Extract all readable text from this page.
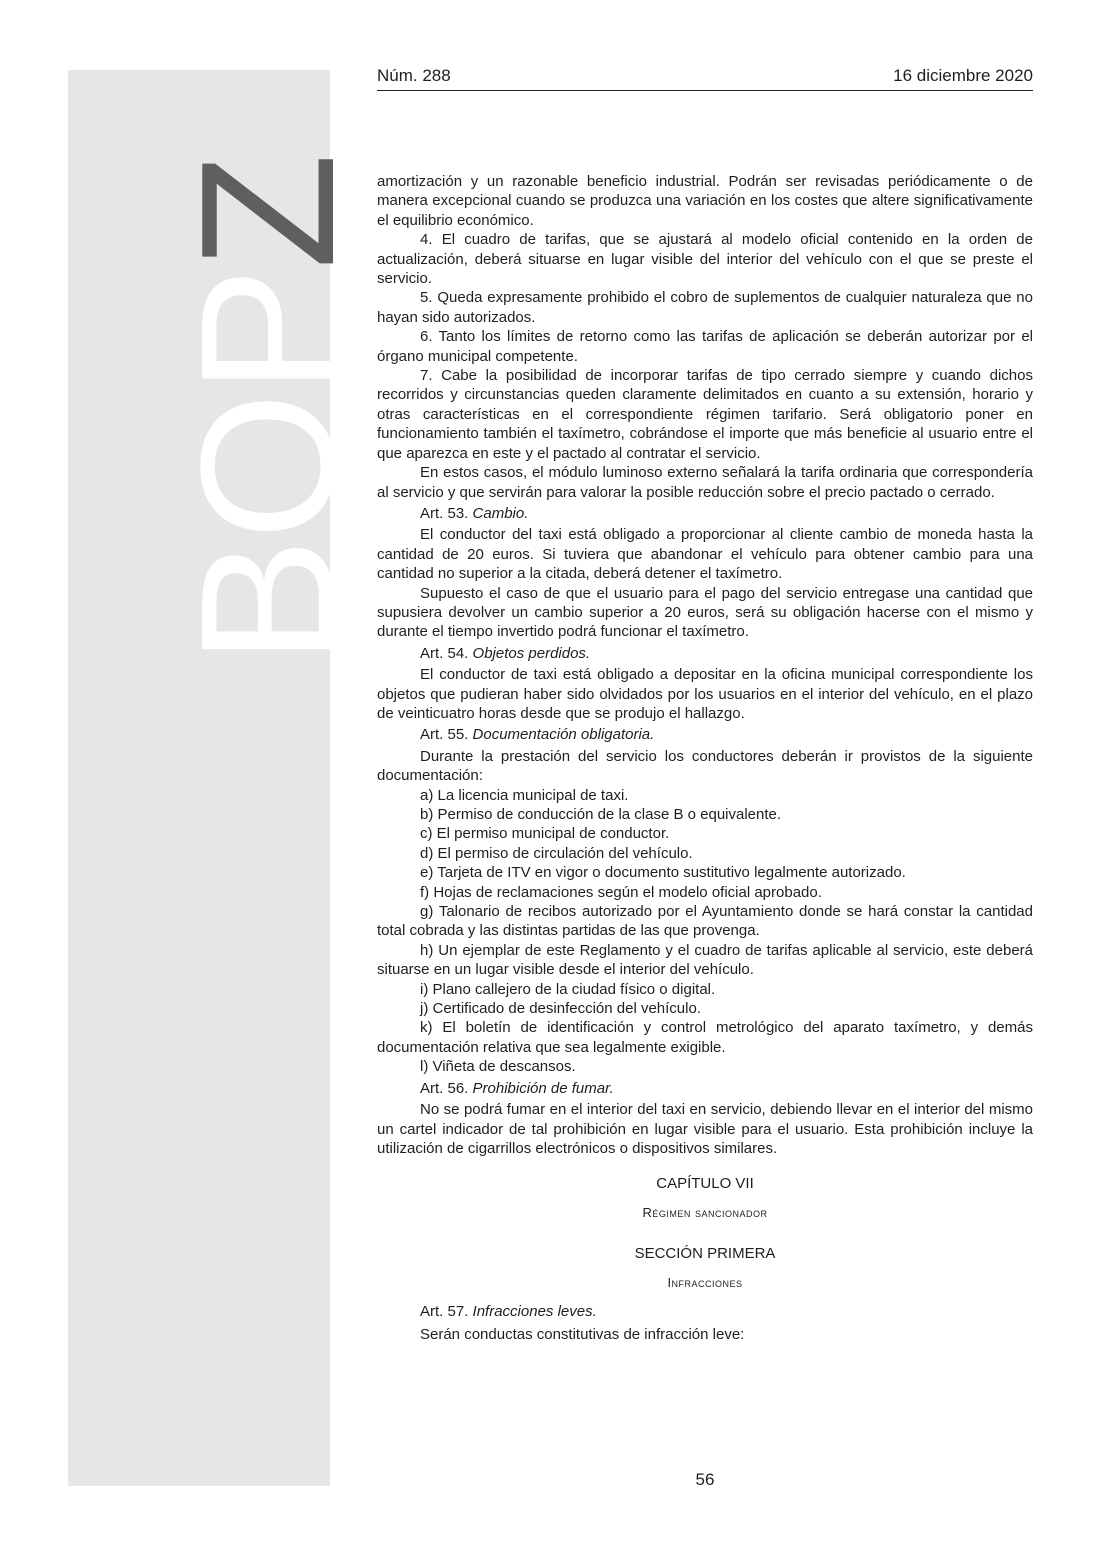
BOPZ
Núm. 288	16 diciembre 2020

amortización y un razonable beneficio industrial. Podrán ser revisadas periódicamente o de manera excepcional cuando se produzca una variación en los costes que altere significativamente el equilibrio económico.

4. El cuadro de tarifas, que se ajustará al modelo oficial contenido en la orden de actualización, deberá situarse en lugar visible del interior del vehículo con el que se preste el servicio.

5. Queda expresamente prohibido el cobro de suplementos de cualquier naturaleza que no hayan sido autorizados.

6. Tanto los límites de retorno como las tarifas de aplicación se deberán autorizar por el órgano municipal competente.

7. Cabe la posibilidad de incorporar tarifas de tipo cerrado siempre y cuando dichos recorridos y circunstancias queden claramente delimitados en cuanto a su extensión, horario y otras características en el correspondiente régimen tarifario. Será obligatorio poner en funcionamiento también el taxímetro, cobrándose el importe que más beneficie al usuario entre el que aparezca en este y el pactado al contratar el servicio.

En estos casos, el módulo luminoso externo señalará la tarifa ordinaria que correspondería al servicio y que servirán para valorar la posible reducción sobre el precio pactado o cerrado.

Art. 53. Cambio.

El conductor del taxi está obligado a proporcionar al cliente cambio de moneda hasta la cantidad de 20 euros. Si tuviera que abandonar el vehículo para obtener cambio para una cantidad no superior a la citada, deberá detener el taxímetro.

Supuesto el caso de que el usuario para el pago del servicio entregase una cantidad que supusiera devolver un cambio superior a 20 euros, será su obligación hacerse con el mismo y durante el tiempo invertido podrá funcionar el taxímetro.

Art. 54. Objetos perdidos.

El conductor de taxi está obligado a depositar en la oficina municipal correspondiente los objetos que pudieran haber sido olvidados por los usuarios en el interior del vehículo, en el plazo de veinticuatro horas desde que se produjo el hallazgo.

Art. 55. Documentación obligatoria.

Durante la prestación del servicio los conductores deberán ir provistos de la siguiente documentación:

a) La licencia municipal de taxi.

b) Permiso de conducción de la clase B o equivalente.

c) El permiso municipal de conductor.

d) El permiso de circulación del vehículo.

e) Tarjeta de ITV en vigor o documento sustitutivo legalmente autorizado.

f) Hojas de reclamaciones según el modelo oficial aprobado.

g) Talonario de recibos autorizado por el Ayuntamiento donde se hará constar la cantidad total cobrada y las distintas partidas de las que provenga.

h) Un ejemplar de este Reglamento y el cuadro de tarifas aplicable al servicio, este deberá situarse en un lugar visible desde el interior del vehículo.

i) Plano callejero de la ciudad físico o digital.

j) Certificado de desinfección del vehículo.

k) El boletín de identificación y control metrológico del aparato taxímetro, y demás documentación relativa que sea legalmente exigible.

l) Viñeta de descansos.

Art. 56. Prohibición de fumar.

No se podrá fumar en el interior del taxi en servicio, debiendo llevar en el interior del mismo un cartel indicador de tal prohibición en lugar visible para el usuario. Esta prohibición incluye la utilización de cigarrillos electrónicos o dispositivos similares.

CAPÍTULO VII

Régimen sancionador

SECCIÓN PRIMERA

Infracciones

Art. 57. Infracciones leves.

Serán conductas constitutivas de infracción leve:

56
